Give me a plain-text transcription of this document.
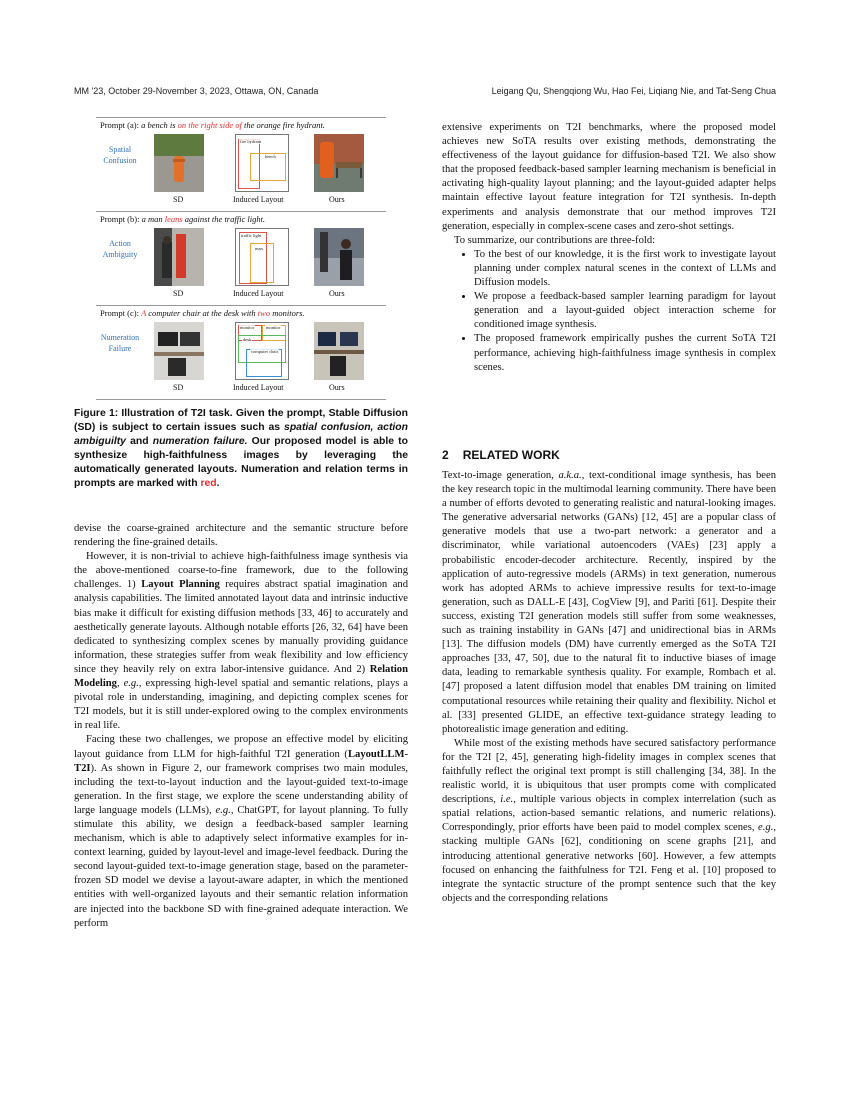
MM '23, October 29-November 3, 2023, Ottawa, ON, Canada	Leigang Qu, Shengqiong Wu, Hao Fei, Liqiang Nie, and Tat-Seng Chua
Prompt (a): a bench is on the right side of the orange fire hydrant.
Spatial Confusion
fire hydrant
bench
SD	Induced Layout	Ours
Prompt (b): a man leans against the traffic light.
Action Ambiguity
traffic light
man
SD	Induced Layout	Ours
Prompt (c): A computer chair at the desk with two monitors.
Numeration Failure
monitor	monitor
desk
computer chair
SD	Induced Layout	Ours
Figure 1: Illustration of T2I task. Given the prompt, Stable Diffusion (SD) is subject to certain issues such as spatial confusion, action ambiguilty and numeration failure. Our proposed model is able to synthesize high-faithfulness images by leveraging the automatically generated layouts. Numeration and relation terms in prompts are marked with red.

devise the coarse-grained architecture and the semantic structure before rendering the fine-grained details.

However, it is non-trivial to achieve high-faithfulness image synthesis via the above-mentioned coarse-to-fine framework, due to the following challenges. 1) Layout Planning requires abstract spatial imagination and analysis capabilities. The limited annotated layout data and intrinsic inductive bias make it difficult for existing diffusion methods [33, 46] to accurately and aesthetically generate layouts. Although notable efforts [26, 32, 64] have been dedicated to synthesizing complex scenes by manually providing guidance information, these strategies suffer from weak flexibility and low efficiency since they heavily rely on extra labor-intensive guidance. And 2) Relation Modeling, e.g., expressing high-level spatial and semantic relations, plays a pivotal role in understanding, imagining, and depicting complex scenes for T2I models, but it is still under-explored owing to the complex environments in real life.

Facing these two challenges, we propose an effective model by eliciting layout guidance from LLM for high-faithful T2I generation (LayoutLLM-T2I). As shown in Figure 2, our framework comprises two main modules, including the text-to-layout induction and the layout-guided text-to-image generation. In the first stage, we explore the scene understanding ability of large language models (LLMs), e.g., ChatGPT, for layout planning. To fully stimulate this ability, we design a feedback-based sampler learning mechanism, which is able to adaptively select informative examples for in-context learning, guided by layout-level and image-level feedback. During the second layout-guided text-to-image generation stage, based on the parameter-frozen SD model we devise a layout-aware adapter, in which the mentioned entities with well-organized layouts and their semantic relation information are injected into the backbone SD with fine-grained adequate interaction. We perform

extensive experiments on T2I benchmarks, where the proposed model achieves new SoTA results over existing methods, demonstrating the effectiveness of the layout guidance for diffusion-based T2I. We also show that the proposed feedback-based sampler learning mechanism is beneficial in activating high-quality layout planning; and the layout-guided adapter helps maintain effective layout feature integration for T2I synthesis. In-depth experiments and analysis demonstrate that our method improves T2I generation, especially in complex-scene cases and zero-shot settings.

To summarize, our contributions are three-fold:

• To the best of our knowledge, it is the first work to investigate layout planning under complex natural scenes in the context of LLMs and Diffusion models.
• We propose a feedback-based sampler learning paradigm for layout generation and a layout-guided object interaction scheme for conditioned image synthesis.
• The proposed framework empirically pushes the current SoTA T2I performance, achieving high-faithfulness image synthesis in complex scenes.
2 RELATED WORK

Text-to-image generation, a.k.a., text-conditional image synthesis, has been the key research topic in the multimodal learning community. There have been a number of efforts devoted to generating realistic and natural-looking images. The generative adversarial networks (GANs) [12, 45] are a popular class of generative models that use a two-part network: a generator and a discriminator, while variational autoencoders (VAEs) [23] apply a probabilistic encoder-decoder architecture. Recently, inspired by the application of auto-regressive models (ARMs) in text generation, numerous work has adopted ARMs to achieve impressive results for text-to-image generation, such as DALL-E [43], CogView [9], and Pariti [61]. Despite their success, existing T2I generation models still suffer from some weaknesses, such as training instability in GANs [47] and unidirectional bias in ARMs [13]. The diffusion models (DM) have currently emerged as the SoTA T2I approaches [33, 47, 50], due to the natural fit to inductive biases of image data, leading to remarkable synthesis quality. For example, Rombach et al. [47] proposed a latent diffusion model that enables DM training on limited computational resources while retaining their quality and flexibility. Nichol et al. [33] presented GLIDE, an effective text-guidance strategy leading to photorealistic image generation and editing.

While most of the existing methods have secured satisfactory performance for the T2I [2, 45], generating high-fidelity images in complex scenes that faithfully reflect the original text prompt is still challenging [34, 38]. In the realistic world, it is ubiquitous that user prompts come with complicated descriptions, i.e., multiple various objects in complex interrelation (such as spatial relations, action-based semantic relations, and numeric relations). Correspondingly, prior efforts have been paid to model complex scenes, e.g., stacking multiple GANs [62], conditioning on scene graphs [21], and introducing attentional generative networks [60]. However, a few attempts focused on enhancing the faithfulness for T2I. Feng et al. [10] proposed to integrate the syntactic structure of the prompt sentence such that the key objects and the corresponding relations
